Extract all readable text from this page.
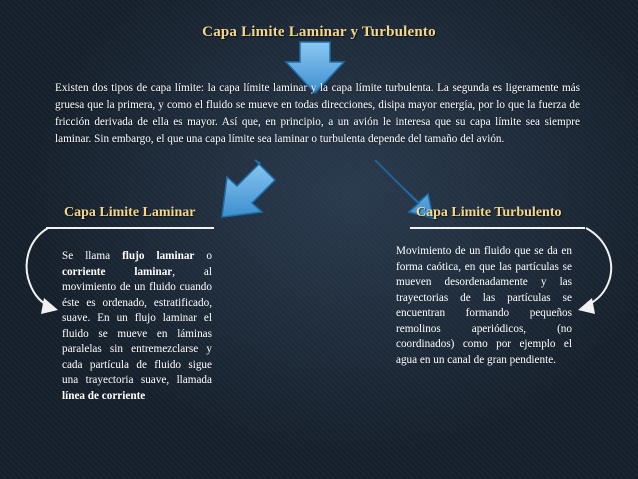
Capa Limite Laminar y Turbulento

Existen dos tipos de capa límite: la capa límite laminar y la capa límite turbulenta. La segunda es ligeramente más gruesa que la primera, y como el fluido se mueve en todas direcciones, disipa mayor energía, por lo que la fuerza de fricción derivada de ella es mayor. Así que, en principio, a un avión le interesa que su capa límite sea siempre laminar. Sin embargo, el que una capa límite sea laminar o turbulenta depende del tamaño del avión.

Capa Limite Laminar	Capa Limite Turbulento

Se llama flujo laminar o corriente laminar, al movimiento de un fluido cuando éste es ordenado, estratificado, suave. En un flujo laminar el fluido se mueve en láminas paralelas sin entremezclarse y cada partícula de fluido sigue una trayectoria suave, llamada línea de corriente

Movimiento de un fluido que se da en forma caótica, en que las partículas se mueven desordenadamente y las trayectorias de las partículas se encuentran formando pequeños remolinos aperiódicos, (no coordinados) como por ejemplo el agua en un canal de gran pendiente.
